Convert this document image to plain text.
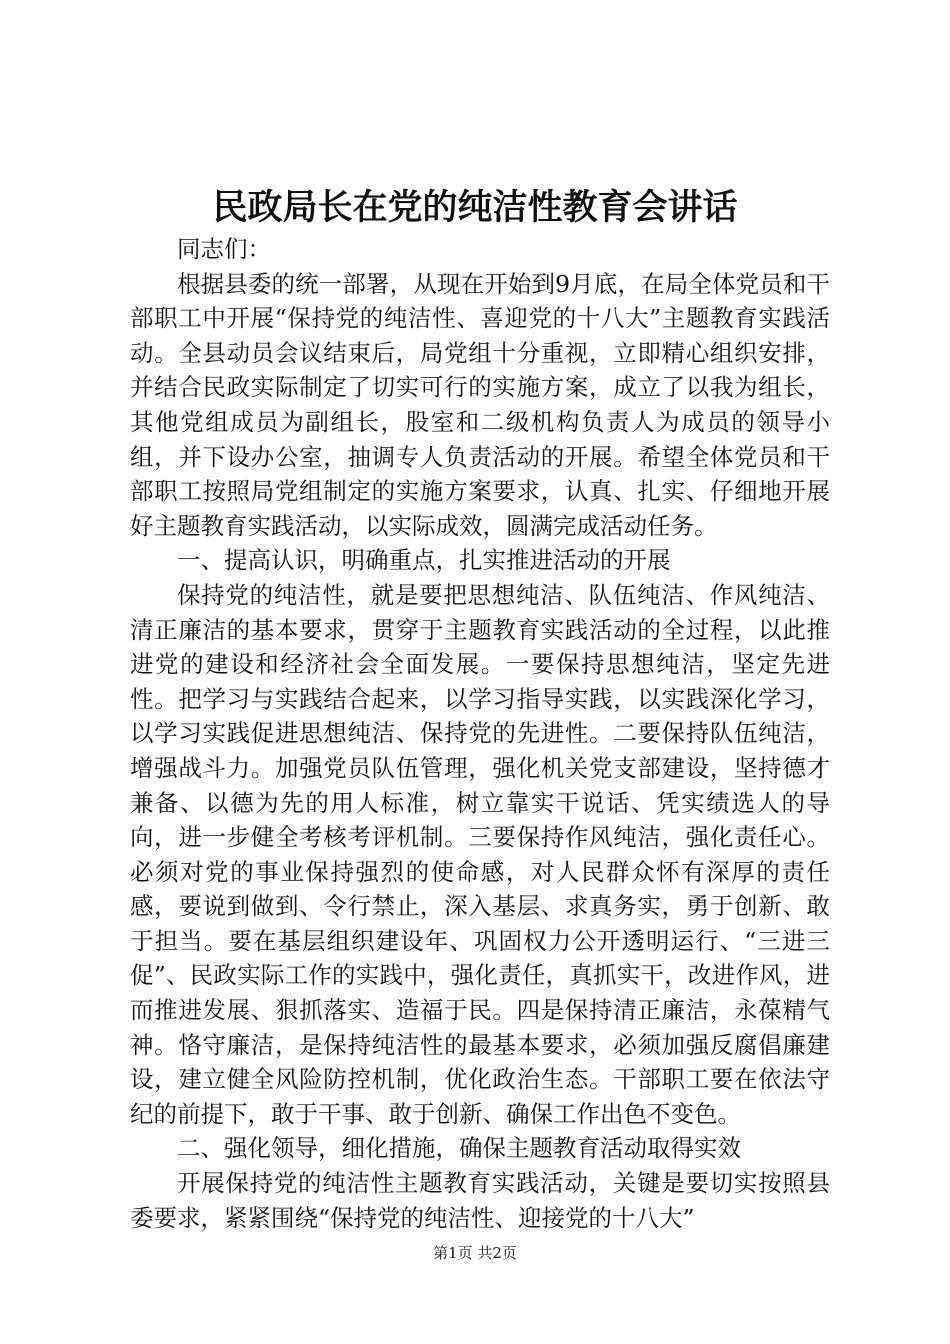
民政局长在党的纯洁性教育会讲话

同志们：

根据县委的统一部署，从现在开始到9月底，在局全体党员和干部职工中开展“保持党的纯洁性、喜迎党的十八大”主题教育实践活动。全县动员会议结束后，局党组十分重视，立即精心组织安排，并结合民政实际制定了切实可行的实施方案，成立了以我为组长，其他党组成员为副组长，股室和二级机构负责人为成员的领导小组，并下设办公室，抽调专人负责活动的开展。希望全体党员和干部职工按照局党组制定的实施方案要求，认真、扎实、仔细地开展好主题教育实践活动，以实际成效，圆满完成活动任务。

一、提高认识，明确重点，扎实推进活动的开展

保持党的纯洁性，就是要把思想纯洁、队伍纯洁、作风纯洁、清正廉洁的基本要求，贯穿于主题教育实践活动的全过程，以此推进党的建设和经济社会全面发展。一要保持思想纯洁，坚定先进性。把学习与实践结合起来，以学习指导实践，以实践深化学习，以学习实践促进思想纯洁、保持党的先进性。二要保持队伍纯洁，增强战斗力。加强党员队伍管理，强化机关党支部建设，坚持德才兼备、以德为先的用人标准，树立靠实干说话、凭实绩选人的导向，进一步健全考核考评机制。三要保持作风纯洁，强化责任心。必须对党的事业保持强烈的使命感，对人民群众怀有深厚的责任感，要说到做到、令行禁止，深入基层、求真务实，勇于创新、敢于担当。要在基层组织建设年、巩固权力公开透明运行、“三进三促”、民政实际工作的实践中，强化责任，真抓实干，改进作风，进而推进发展、狠抓落实、造福于民。四是保持清正廉洁，永葆精气神。恪守廉洁，是保持纯洁性的最基本要求，必须加强反腐倡廉建设，建立健全风险防控机制，优化政治生态。干部职工要在依法守纪的前提下，敢于干事、敢于创新、确保工作出色不变色。

二、强化领导，细化措施，确保主题教育活动取得实效

开展保持党的纯洁性主题教育实践活动，关键是要切实按照县委要求，紧紧围绕“保持党的纯洁性、迎接党的十八大”

第1页 共2页
